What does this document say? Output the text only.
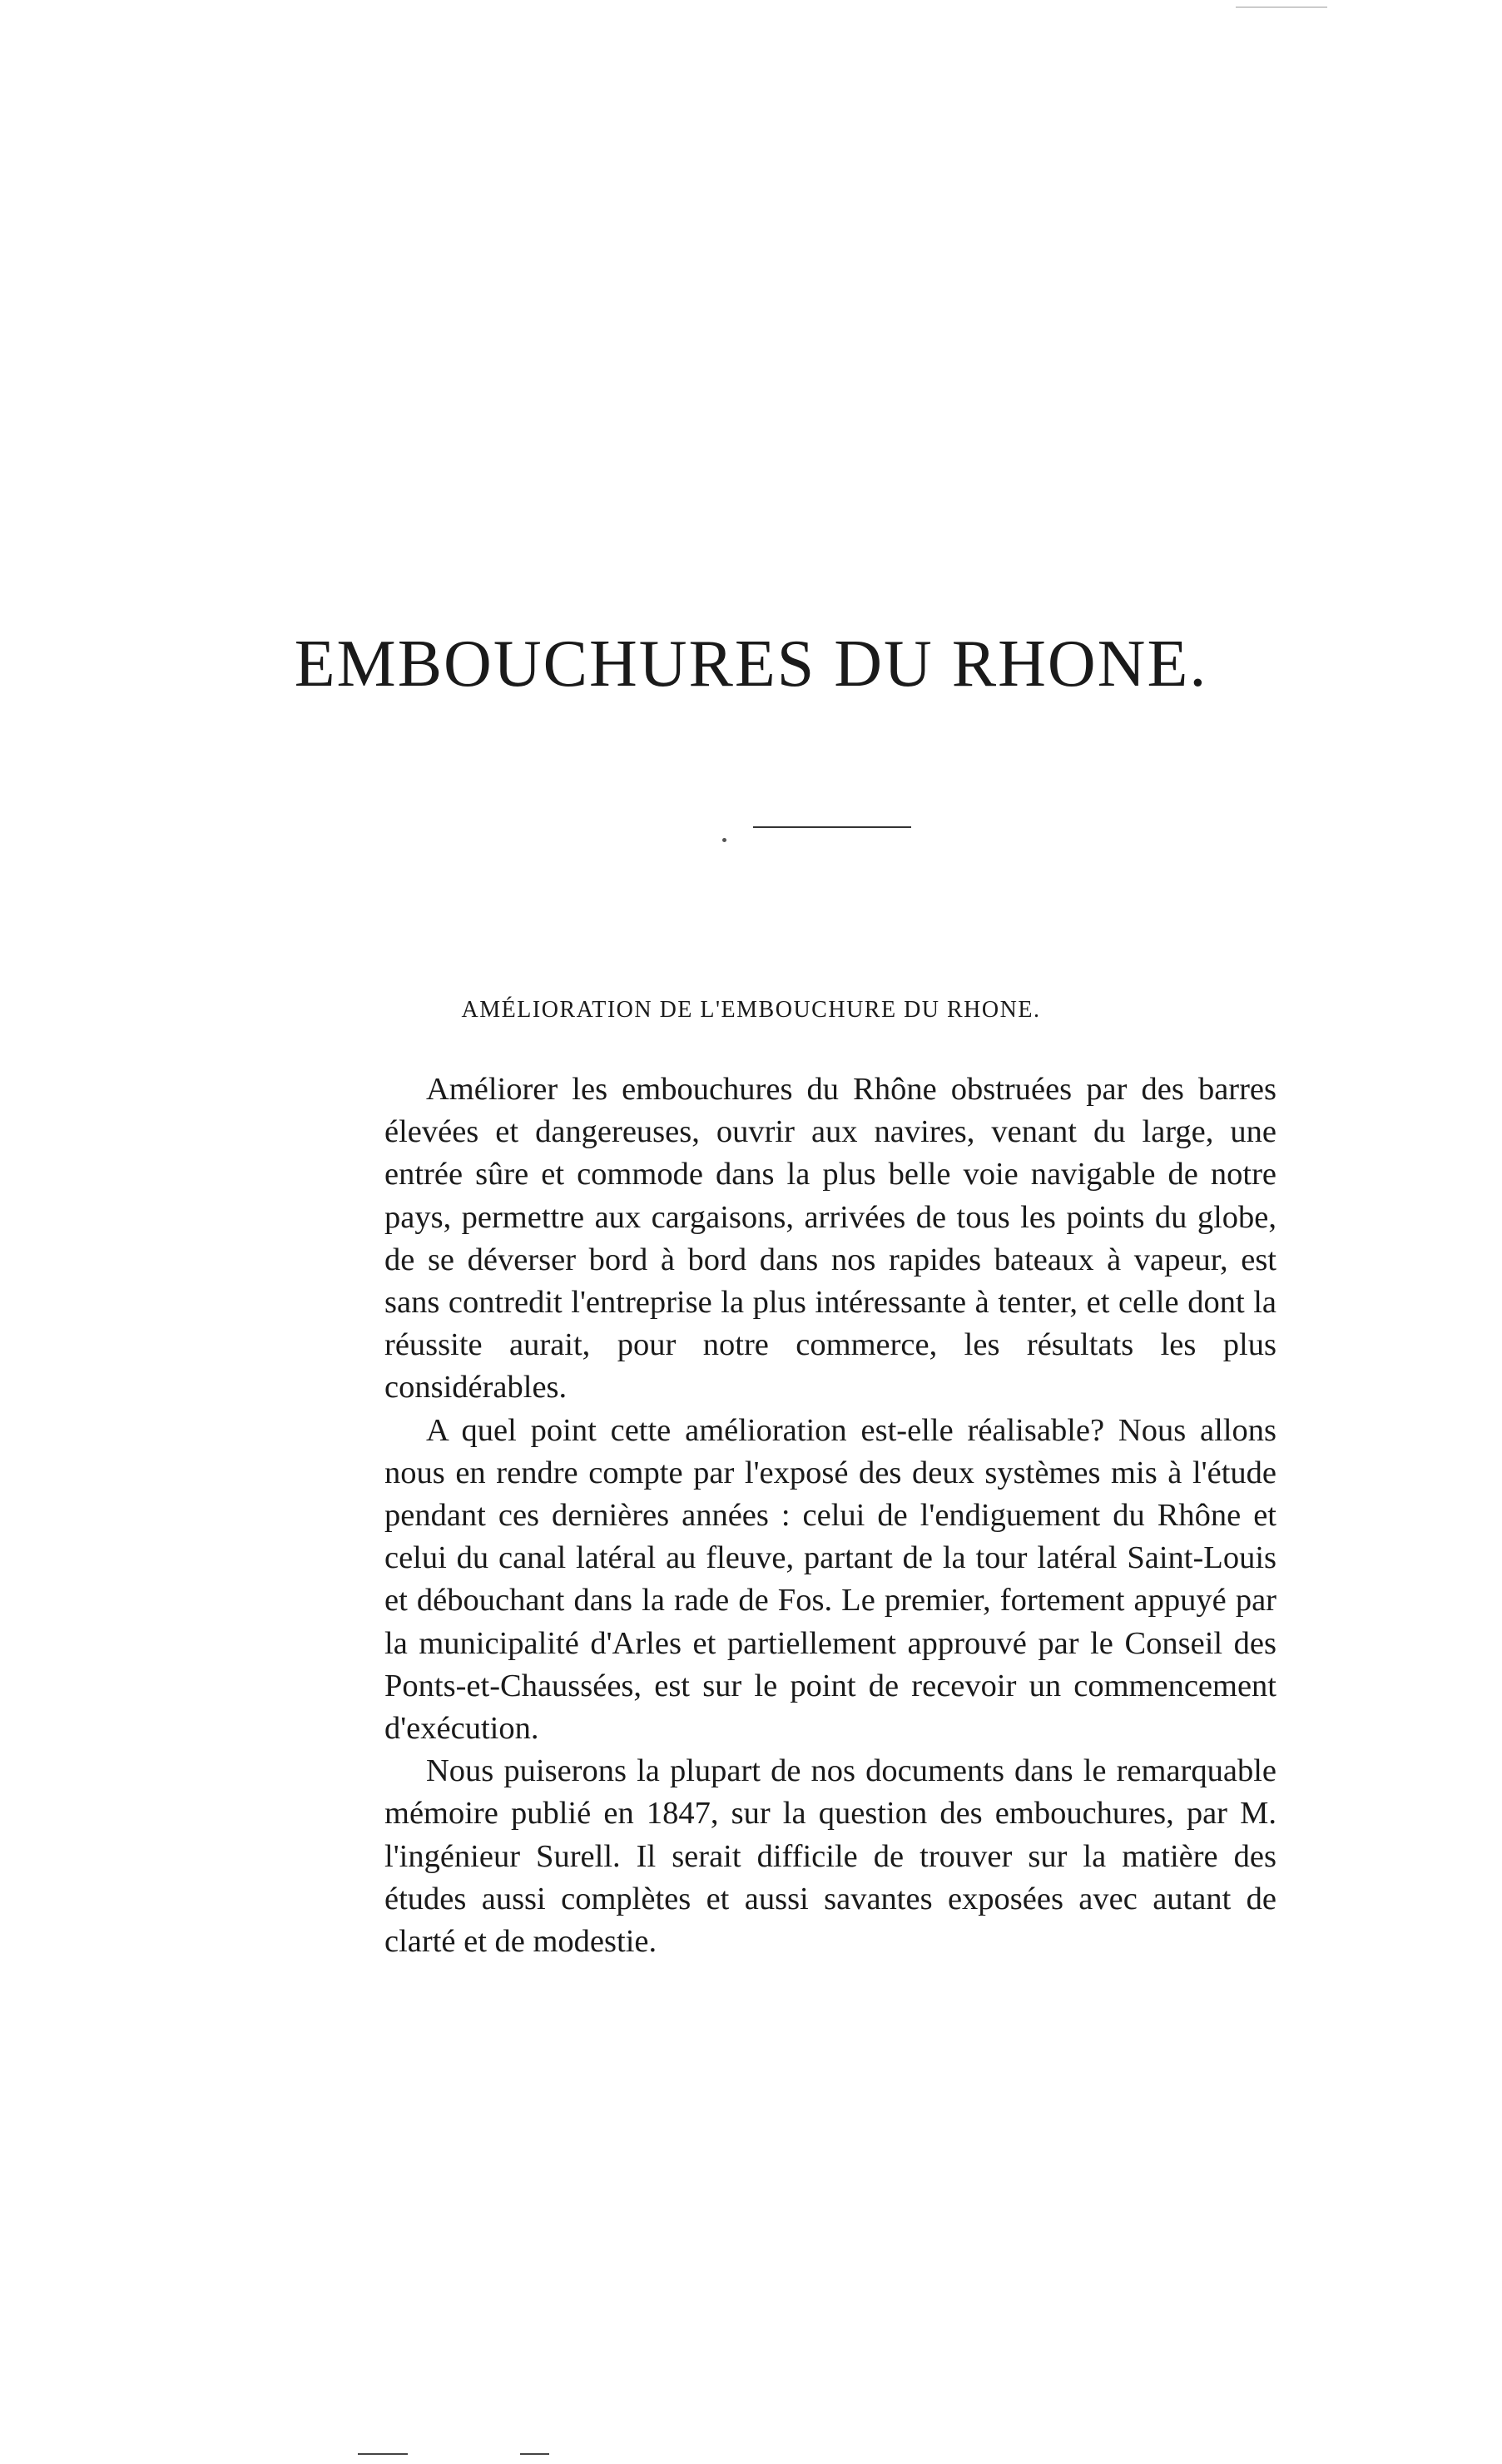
EMBOUCHURES DU RHONE.
AMÉLIORATION DE L'EMBOUCHURE DU RHONE.

Améliorer les embouchures du Rhône obstruées par des barres élevées et dangereuses, ouvrir aux navires, venant du large, une entrée sûre et commode dans la plus belle voie navigable de notre pays, permettre aux cargaisons, arrivées de tous les points du globe, de se déverser bord à bord dans nos rapides bateaux à vapeur, est sans contredit l'entreprise la plus intéressante à tenter, et celle dont la réussite aurait, pour notre commerce, les résultats les plus considérables.

A quel point cette amélioration est-elle réalisable? Nous allons nous en rendre compte par l'exposé des deux systèmes mis à l'étude pendant ces dernières années : celui de l'endiguement du Rhône et celui du canal latéral au fleuve, partant de la tour latéral Saint-Louis et débouchant dans la rade de Fos. Le premier, fortement appuyé par la municipalité d'Arles et partiellement approuvé par le Conseil des Ponts-et-Chaussées, est sur le point de recevoir un commencement d'exécution.

Nous puiserons la plupart de nos documents dans le remarquable mémoire publié en 1847, sur la question des embouchures, par M. l'ingénieur Surell. Il serait difficile de trouver sur la matière des études aussi complètes et aussi savantes exposées avec autant de clarté et de modestie.
